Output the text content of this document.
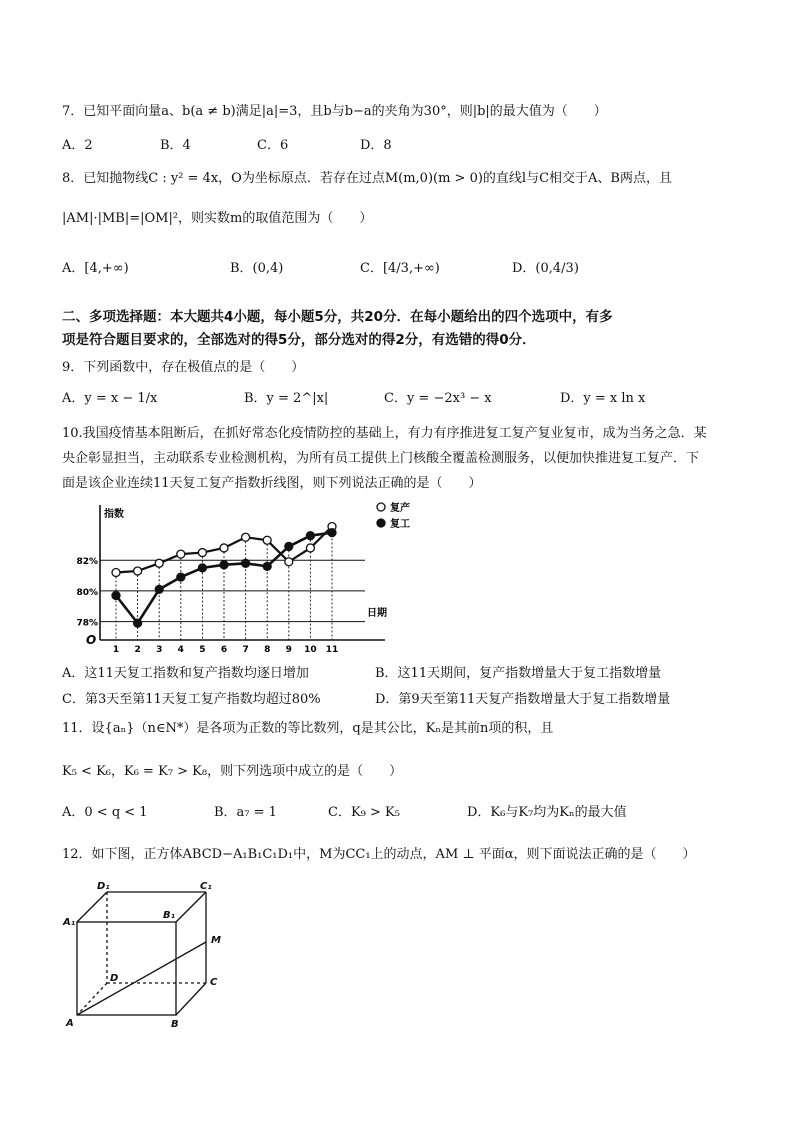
7．已知平面向量a、b(a ≠ b)满足|a|=3，且b与b−a的夹角为30°，则|b|的最大值为（　　）
A．2	B．4	C．6	D．8
8．已知抛物线C : y² = 4x，O为坐标原点．若存在过点M(m,0)(m > 0)的直线l与C相交于A、B两点，且
|AM|·|MB|=|OM|²，则实数m的取值范围为（　　）
A．[4,+∞)	B．(0,4)	C．[4/3,+∞)	D．(0,4/3)
二、多项选择题：本大题共4小题，每小题5分，共20分．在每小题给出的四个选项中，有多
项是符合题目要求的，全部选对的得5分，部分选对的得2分，有选错的得0分．
9．下列函数中，存在极值点的是（　　）
A．y = x − 1/x	B．y = 2^|x|	C．y = −2x³ − x	D．y = x ln x
10.我国疫情基本阻断后，在抓好常态化疫情防控的基础上，有力有序推进复工复产复业复市，成为当务之急．某
央企彰显担当，主动联系专业检测机构，为所有员工提供上门核酸全覆盖检测服务，以便加快推进复工复产．下
面是该企业连续11天复工复产指数折线图，则下列说法正确的是（　　）
82%
80%
78%
指数
日期
O
1 2 3 4 5 6 7 8 9 10 11
复产
复工
A．这11天复工指数和复产指数均逐日增加	B．这11天期间，复产指数增量大于复工指数增量
C．第3天至第11天复工复产指数均超过80%	D．第9天至第11天复产指数增量大于复工指数增量
11．设{aₙ}（n∈N*）是各项为正数的等比数列，q是其公比，Kₙ是其前n项的积，且
K₅ < K₆，K₆ = K₇ > K₈，则下列选项中成立的是（　　）
A．0 < q < 1	B．a₇ = 1	C．K₉ > K₅	D．K₆与K₇均为Kₙ的最大值
12．如下图，正方体ABCD−A₁B₁C₁D₁中，M为CC₁上的动点，AM ⊥ 平面α，则下面说法正确的是（　　）
D₁	C₁
A₁
B₁
M
D	C
A	B
